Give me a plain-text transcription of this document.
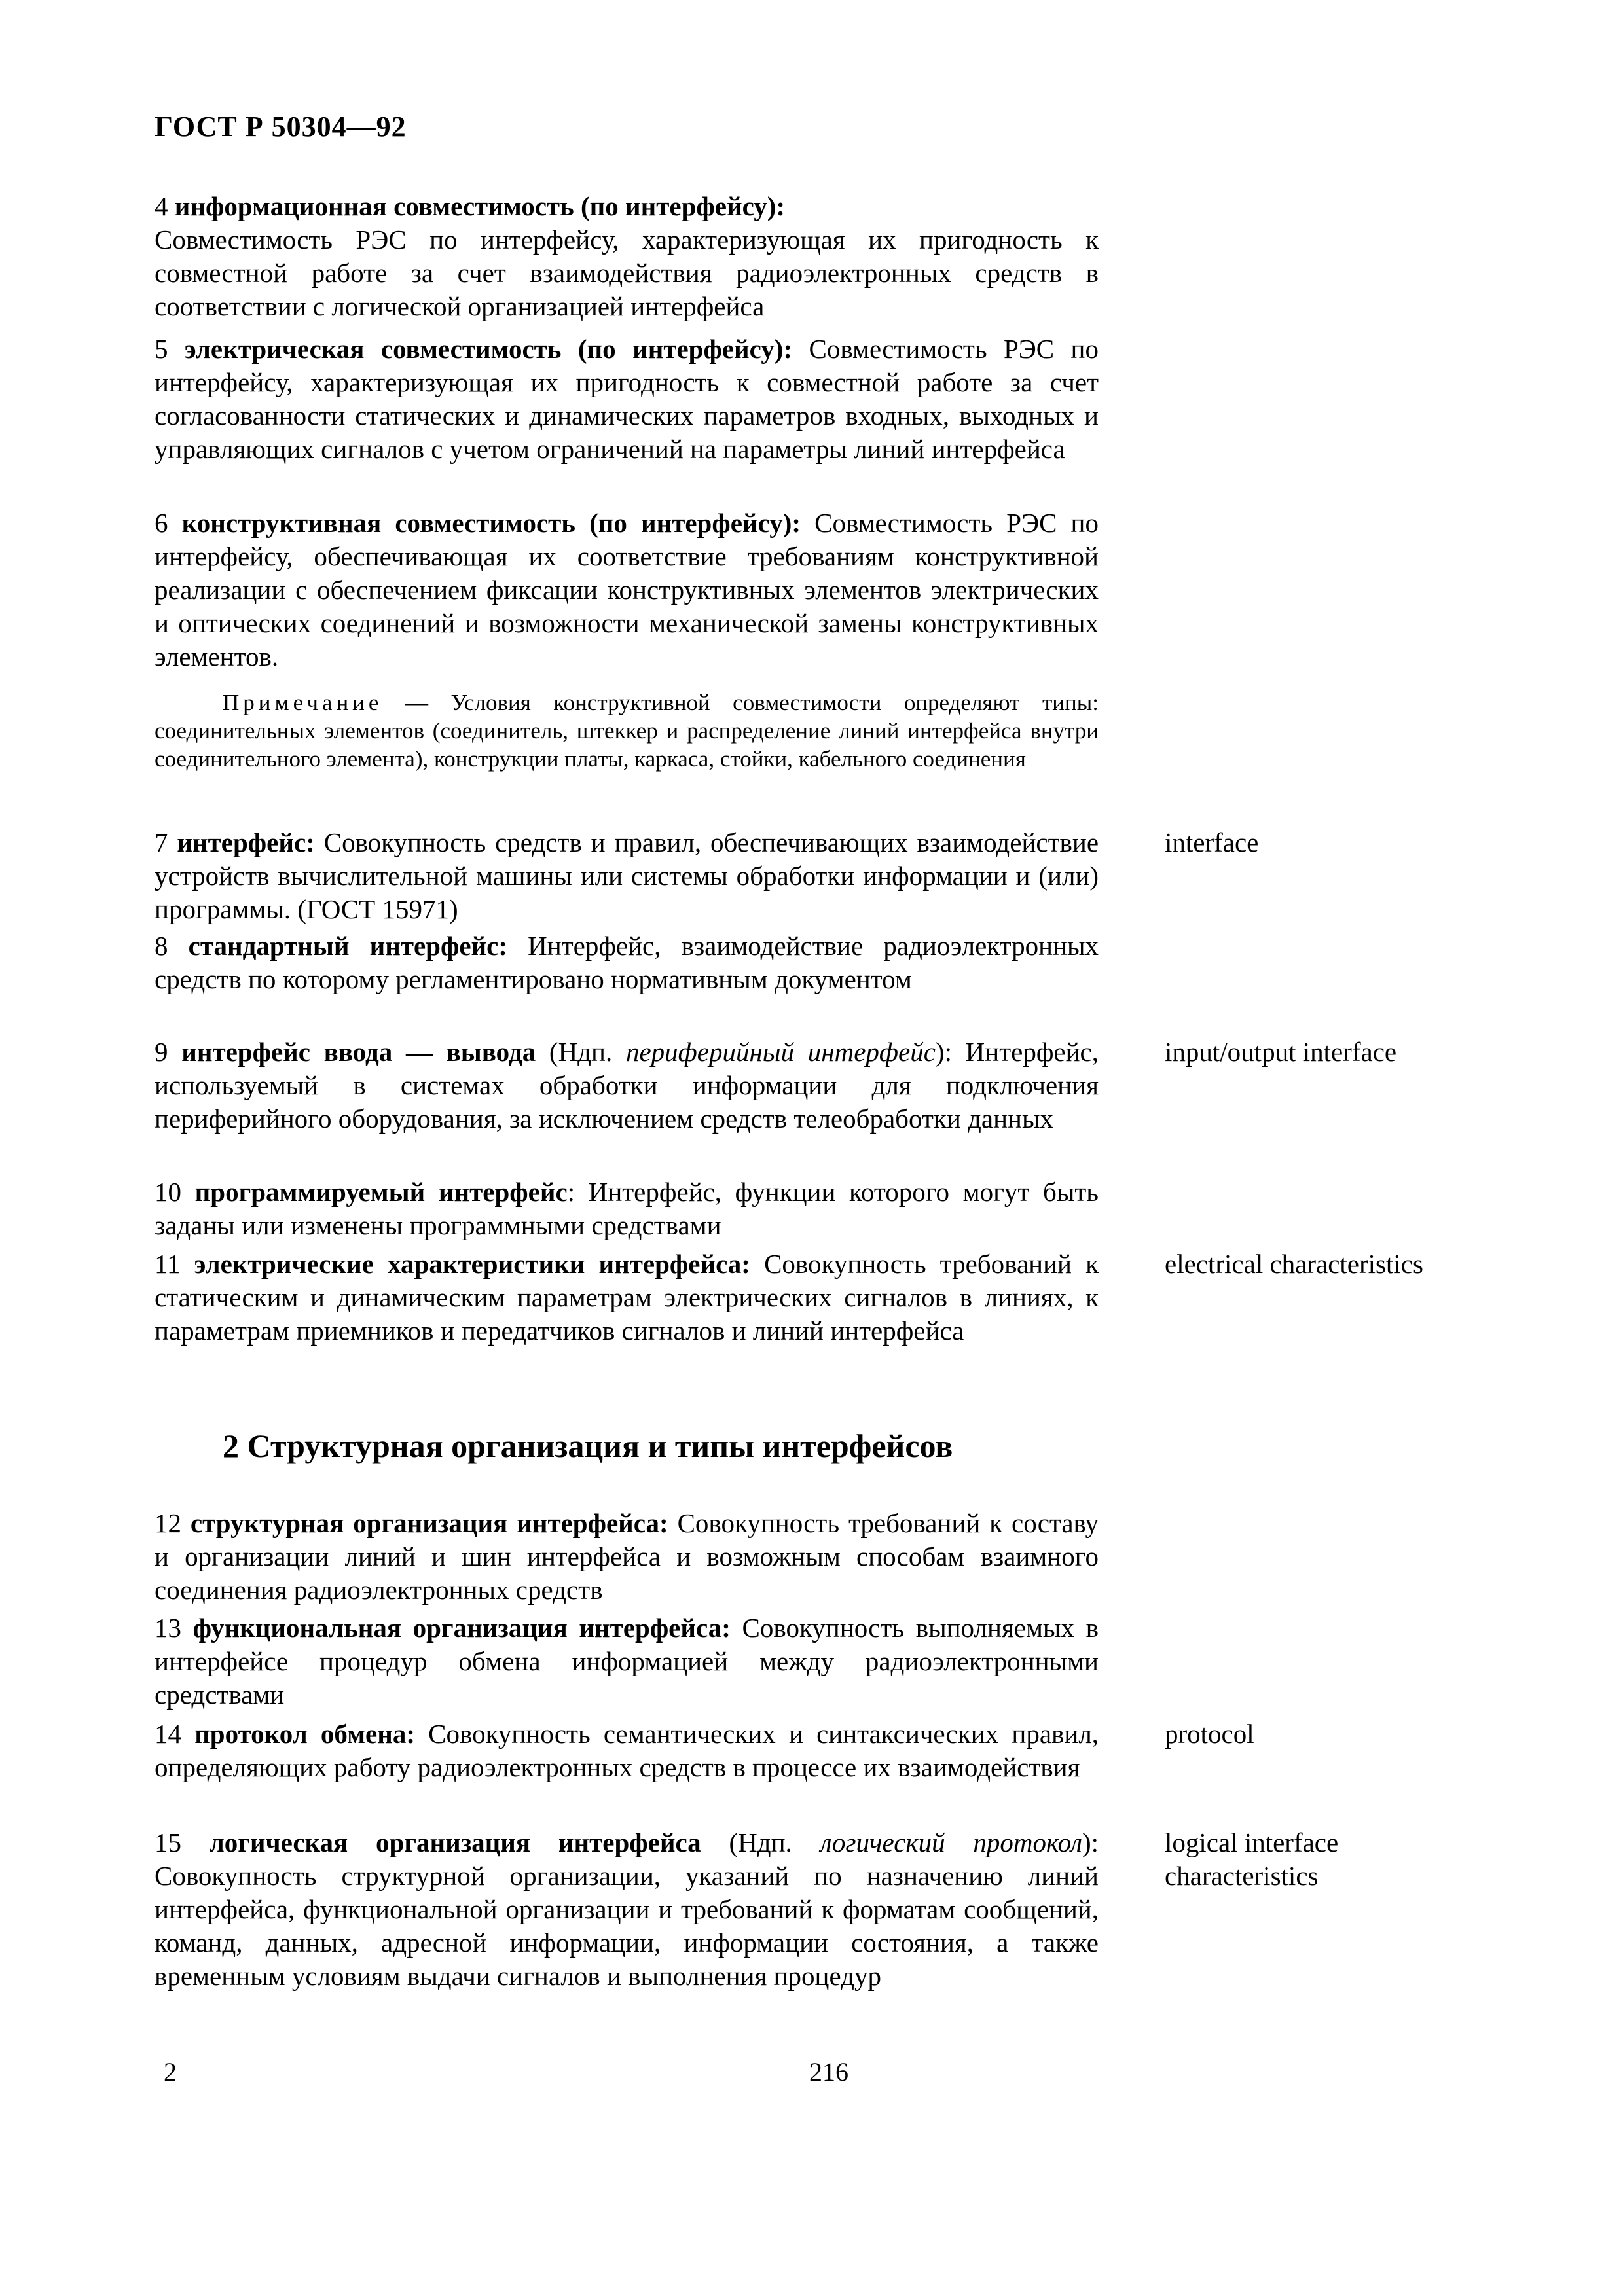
ГОСТ Р 50304—92

4 информационная совместимость (по интерфейсу):
Совместимость РЭС по интерфейсу, характеризующая их пригодность к совместной работе за счет взаимодействия радиоэлектронных средств в соответствии с логической организацией интерфейса

5 электрическая совместимость (по интерфейсу): Совместимость РЭС по интерфейсу, характеризующая их пригодность к совместной работе за счет согласованности статических и динамических параметров входных, выходных и управляющих сигналов с учетом ограничений на параметры линий интерфейса

6 конструктивная совместимость (по интерфейсу): Совместимость РЭС по интерфейсу, обеспечивающая их соответствие требованиям конструктивной реализации с обеспечением фиксации конструктивных элементов электрических и оптических соединений и возможности механической замены конструктивных элементов.

Примечание — Условия конструктивной совместимости определяют типы: соединительных элементов (соединитель, штеккер и распределение линий интерфейса внутри соединительного элемента), конструкции платы, каркаса, стойки, кабельного соединения

7 интерфейс: Совокупность средств и правил, обеспечивающих взаимодействие устройств вычислительной машины или системы обработки информации и (или) программы. (ГОСТ 15971)

interface

8 стандартный интерфейс: Интерфейс, взаимодействие радиоэлектронных средств по которому регламентировано нормативным документом

9 интерфейс ввода — вывода (Ндп. периферийный интерфейс): Интерфейс, используемый в системах обработки информации для подключения периферийного оборудования, за исключением средств телеобработки данных

input/output interface

10 программируемый интерфейс: Интерфейс, функции которого могут быть заданы или изменены программными средствами

11 электрические характеристики интерфейса: Совокупность требований к статическим и динамическим параметрам электрических сигналов в линиях, к параметрам приемников и передатчиков сигналов и линий интерфейса

electrical characteristics
2 Структурная организация и типы интерфейсов

12 структурная организация интерфейса: Совокупность требований к составу и организации линий и шин интерфейса и возможным способам взаимного соединения радиоэлектронных средств

13 функциональная организация интерфейса: Совокупность выполняемых в интерфейсе процедур обмена информацией между радиоэлектронными средствами

14 протокол обмена: Совокупность семантических и синтаксических правил, определяющих работу радиоэлектронных средств в процессе их взаимодействия

protocol

15 логическая организация интерфейса (Ндп. логический протокол): Совокупность структурной организации, указаний по назначению линий интерфейса, функциональной организации и требований к форматам сообщений, команд, данных, адресной информации, информации состояния, а также временным условиям выдачи сигналов и выполнения процедур

logical interface characteristics

2	216
